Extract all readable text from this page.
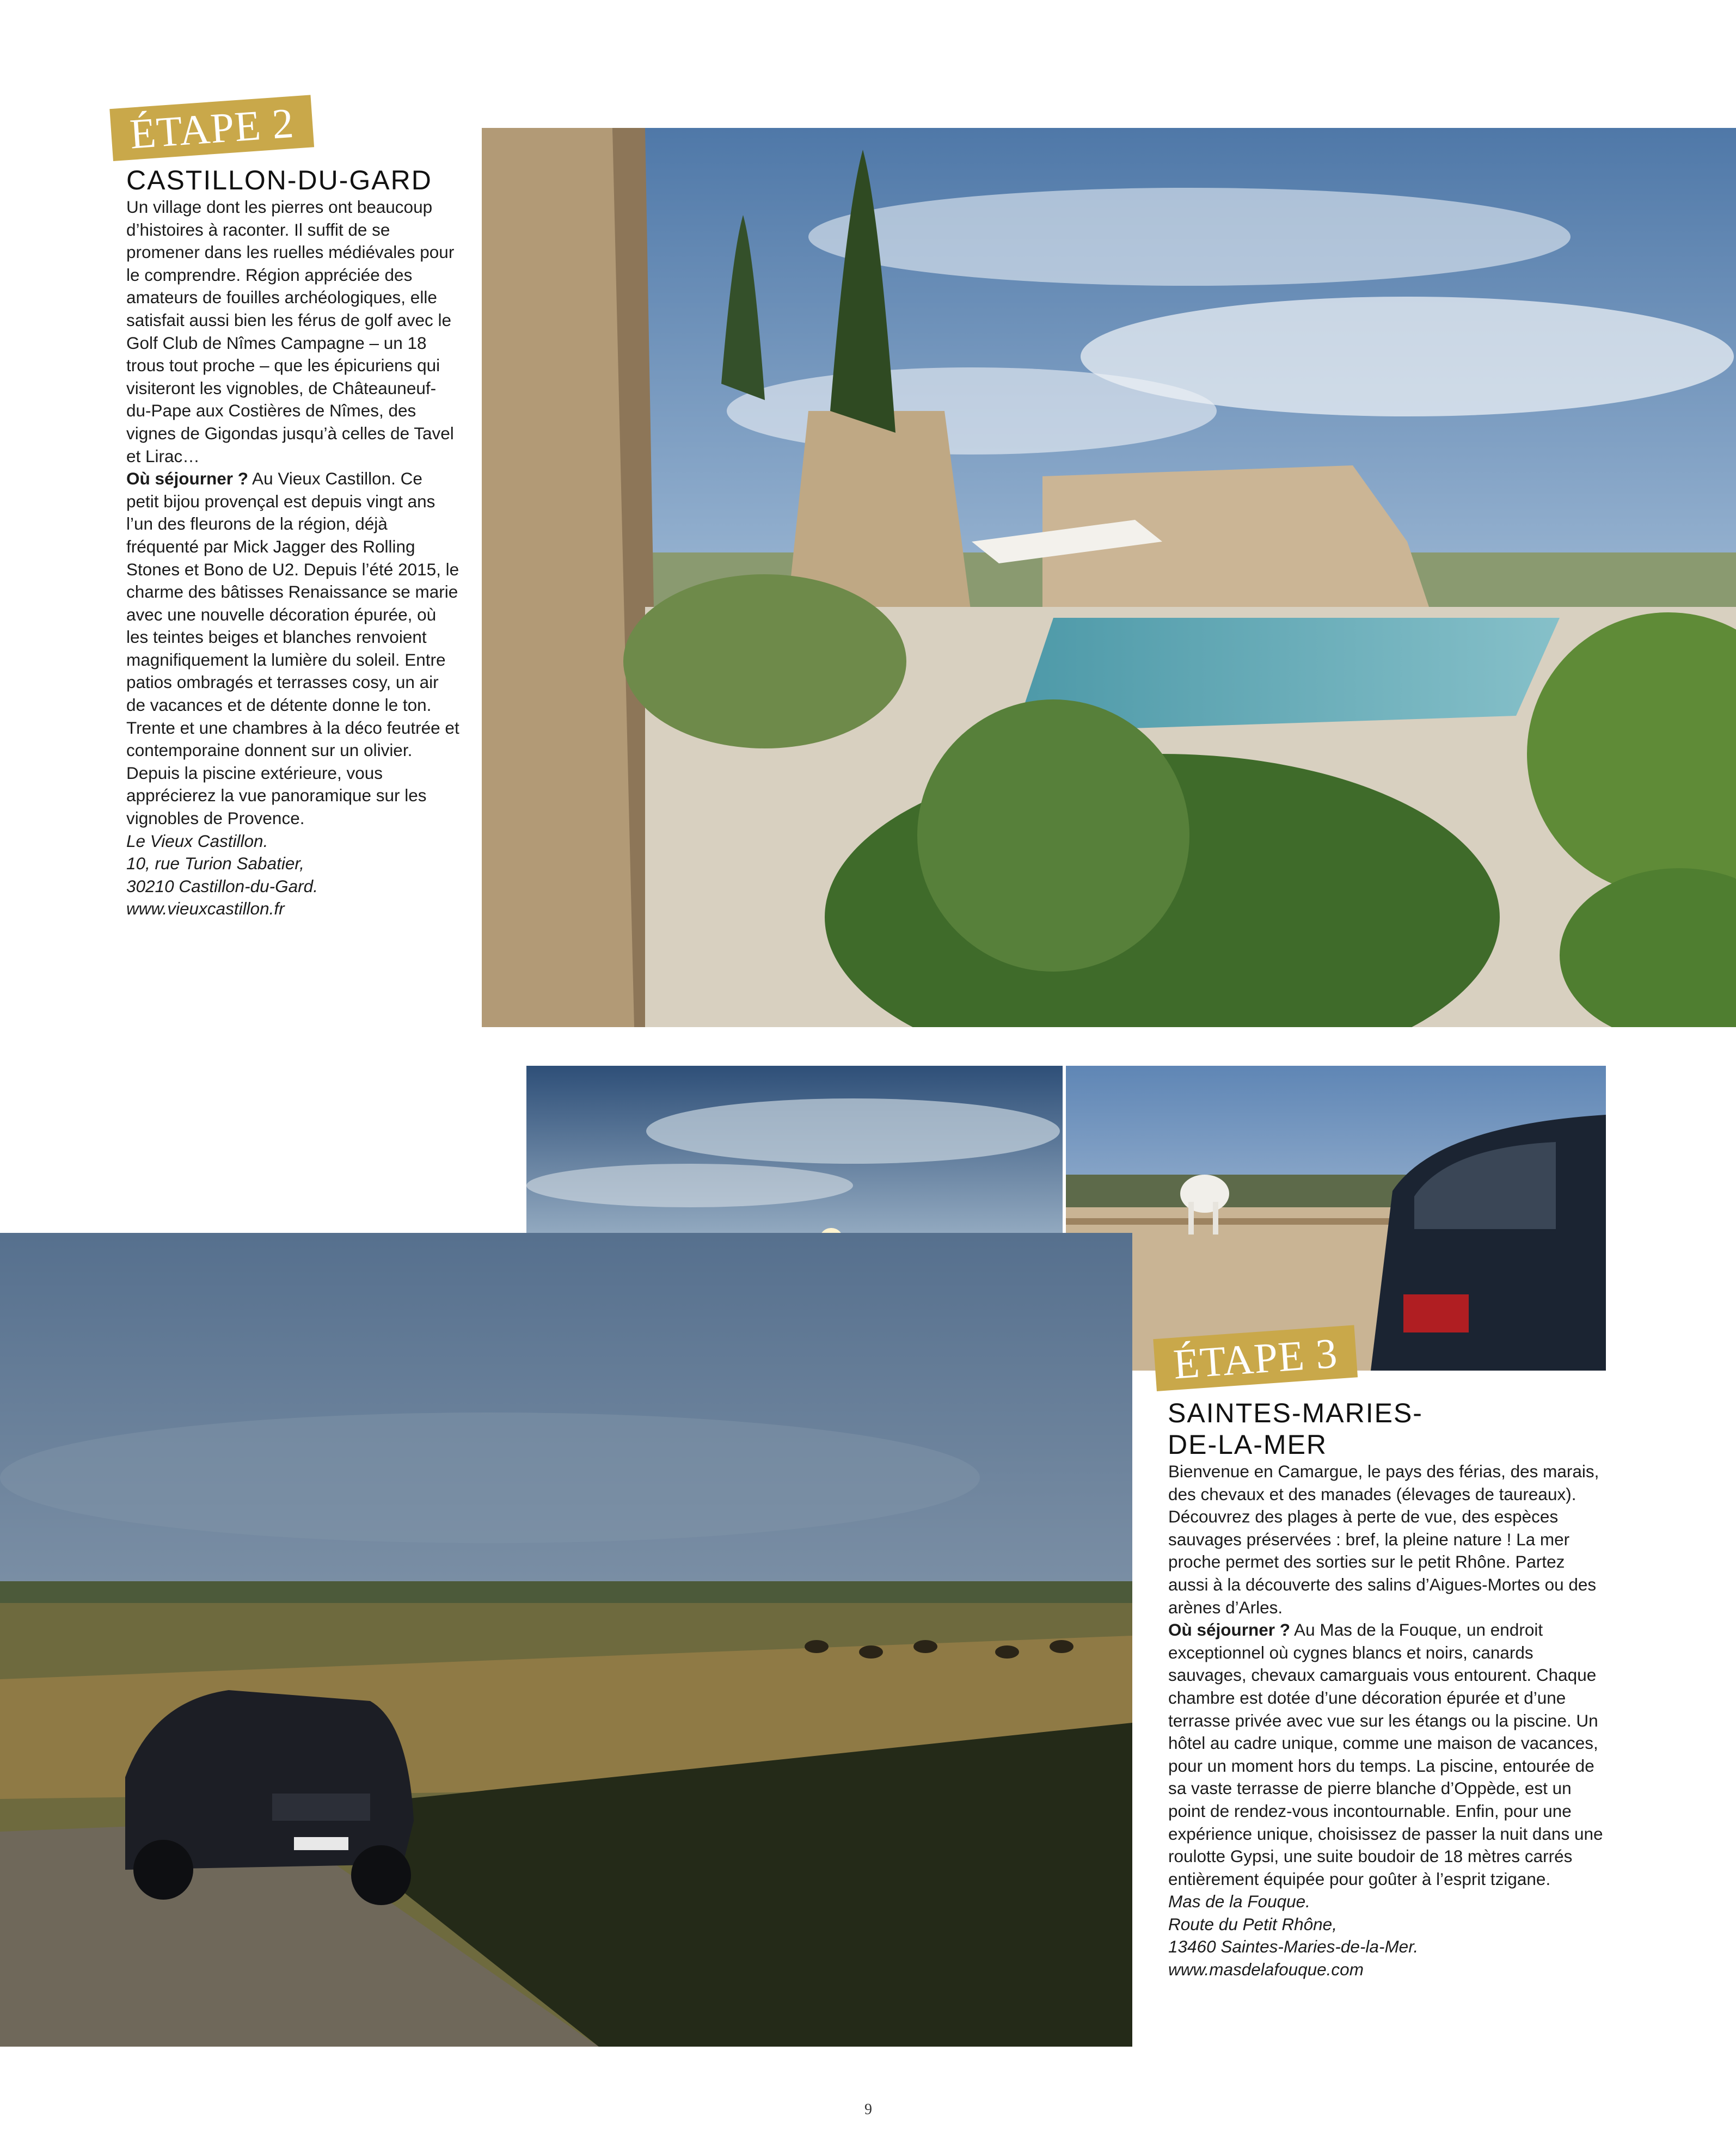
ÉTAPE 2
CASTILLON-DU-GARD

Un village dont les pierres ont beaucoup d’histoires à raconter. Il suffit de se promener dans les ruelles médiévales pour le comprendre. Région appréciée des amateurs de fouilles archéologiques, elle satisfait aussi bien les férus de golf avec le Golf Club de Nîmes Campagne – un 18 trous tout proche – que les épicuriens qui visiteront les vignobles, de Châteauneuf-du-Pape aux Costières de Nîmes, des vignes de Gigondas jusqu’à celles de Tavel et Lirac…

Où séjourner ? Au Vieux Castillon. Ce petit bijou provençal est depuis vingt ans l’un des fleurons de la région, déjà fréquenté par Mick Jagger des Rolling Stones et Bono de U2. Depuis l’été 2015, le charme des bâtisses Renaissance se marie avec une nouvelle décoration épurée, où les teintes beiges et blanches renvoient magnifiquement la lumière du soleil. Entre patios ombragés et terrasses cosy, un air de vacances et de détente donne le ton. Trente et une chambres à la déco feutrée et contemporaine donnent sur un olivier. Depuis la piscine extérieure, vous apprécierez la vue panoramique sur les vignobles de Provence.

Le Vieux Castillon.
10, rue Turion Sabatier,
30210 Castillon-du-Gard.
www.vieuxcastillon.fr
ÉTAPE 3
SAINTES-MARIES-
DE-LA-MER

Bienvenue en Camargue, le pays des férias, des marais, des chevaux et des manades (élevages de taureaux). Découvrez des plages à perte de vue, des espèces sauvages préservées : bref, la pleine nature ! La mer proche permet des sorties sur le petit Rhône. Partez aussi à la découverte des salins d’Aigues-Mortes ou des arènes d’Arles.

Où séjourner ? Au Mas de la Fouque, un endroit exceptionnel où cygnes blancs et noirs, canards sauvages, chevaux camarguais vous entourent. Chaque chambre est dotée d’une décoration épurée et d’une terrasse privée avec vue sur les étangs ou la piscine. Un hôtel au cadre unique, comme une maison de vacances, pour un moment hors du temps. La piscine, entourée de sa vaste terrasse de pierre blanche d’Oppède, est un point de rendez-vous incontournable. Enfin, pour une expérience unique, choisissez de passer la nuit dans une roulotte Gypsi, une suite boudoir de 18 mètres carrés entièrement équipée pour goûter à l’esprit tzigane.

Mas de la Fouque.
Route du Petit Rhône,
13460 Saintes-Maries-de-la-Mer.
www.masdelafouque.com
9
